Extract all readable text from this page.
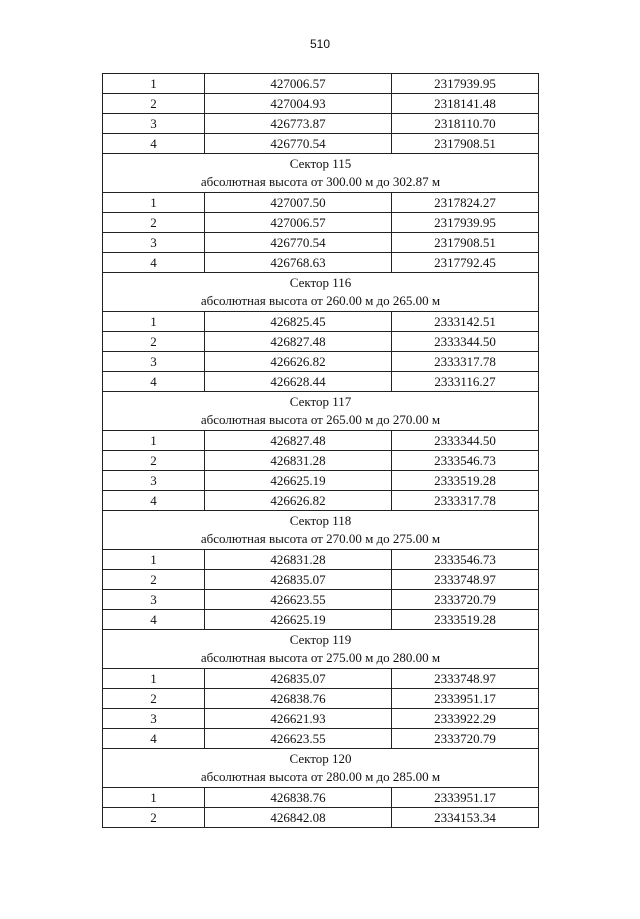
510
1	427006.57	2317939.95
2	427004.93	2318141.48
3	426773.87	2318110.70
4	426770.54	2317908.51

Сектор 115
абсолютная высота от 300.00 м до 302.87 м		

1	427007.50	2317824.27
2	427006.57	2317939.95
3	426770.54	2317908.51
4	426768.63	2317792.45

Сектор 116
абсолютная высота от 260.00 м до 265.00 м		

1	426825.45	2333142.51
2	426827.48	2333344.50
3	426626.82	2333317.78
4	426628.44	2333116.27

Сектор 117
абсолютная высота от 265.00 м до 270.00 м		

1	426827.48	2333344.50
2	426831.28	2333546.73
3	426625.19	2333519.28
4	426626.82	2333317.78

Сектор 118
абсолютная высота от 270.00 м до 275.00 м		

1	426831.28	2333546.73
2	426835.07	2333748.97
3	426623.55	2333720.79
4	426625.19	2333519.28

Сектор 119
абсолютная высота от 275.00 м до 280.00 м		

1	426835.07	2333748.97
2	426838.76	2333951.17
3	426621.93	2333922.29
4	426623.55	2333720.79

Сектор 120
абсолютная высота от 280.00 м до 285.00 м		

1	426838.76	2333951.17
2	426842.08	2334153.34
